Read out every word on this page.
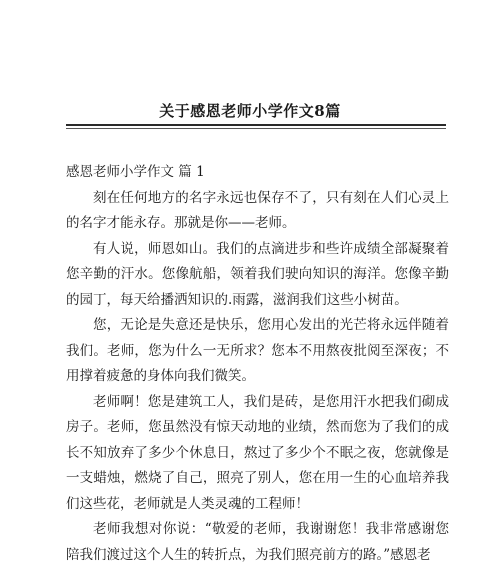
关于感恩老师小学作文8篇

感恩老师小学作文 篇 1

刻在任何地方的名字永远也保存不了，只有刻在人们心灵上的名字才能永存。那就是你——老师。

有人说，师恩如山。我们的点滴进步和些许成绩全部凝聚着您辛勤的汗水。您像航船，领着我们驶向知识的海洋。您像辛勤的园丁，每天给播洒知识的.雨露，滋润我们这些小树苗。

您，无论是失意还是快乐，您用心发出的光芒将永远伴随着我们。老师，您为什么一无所求？您本不用熬夜批阅至深夜；不用撑着疲惫的身体向我们微笑。

老师啊！您是建筑工人，我们是砖，是您用汗水把我们砌成房子。老师，您虽然没有惊天动地的业绩，然而您为了我们的成长不知放弃了多少个休息日，熬过了多少个不眠之夜，您就像是一支蜡烛，燃烧了自己，照亮了别人，您在用一生的心血培养我们这些花，老师就是人类灵魂的工程师！

老师我想对你说：“敬爱的老师，我谢谢您！我非常感谢您陪我们渡过这个人生的转折点，为我们照亮前方的路。”感恩老
